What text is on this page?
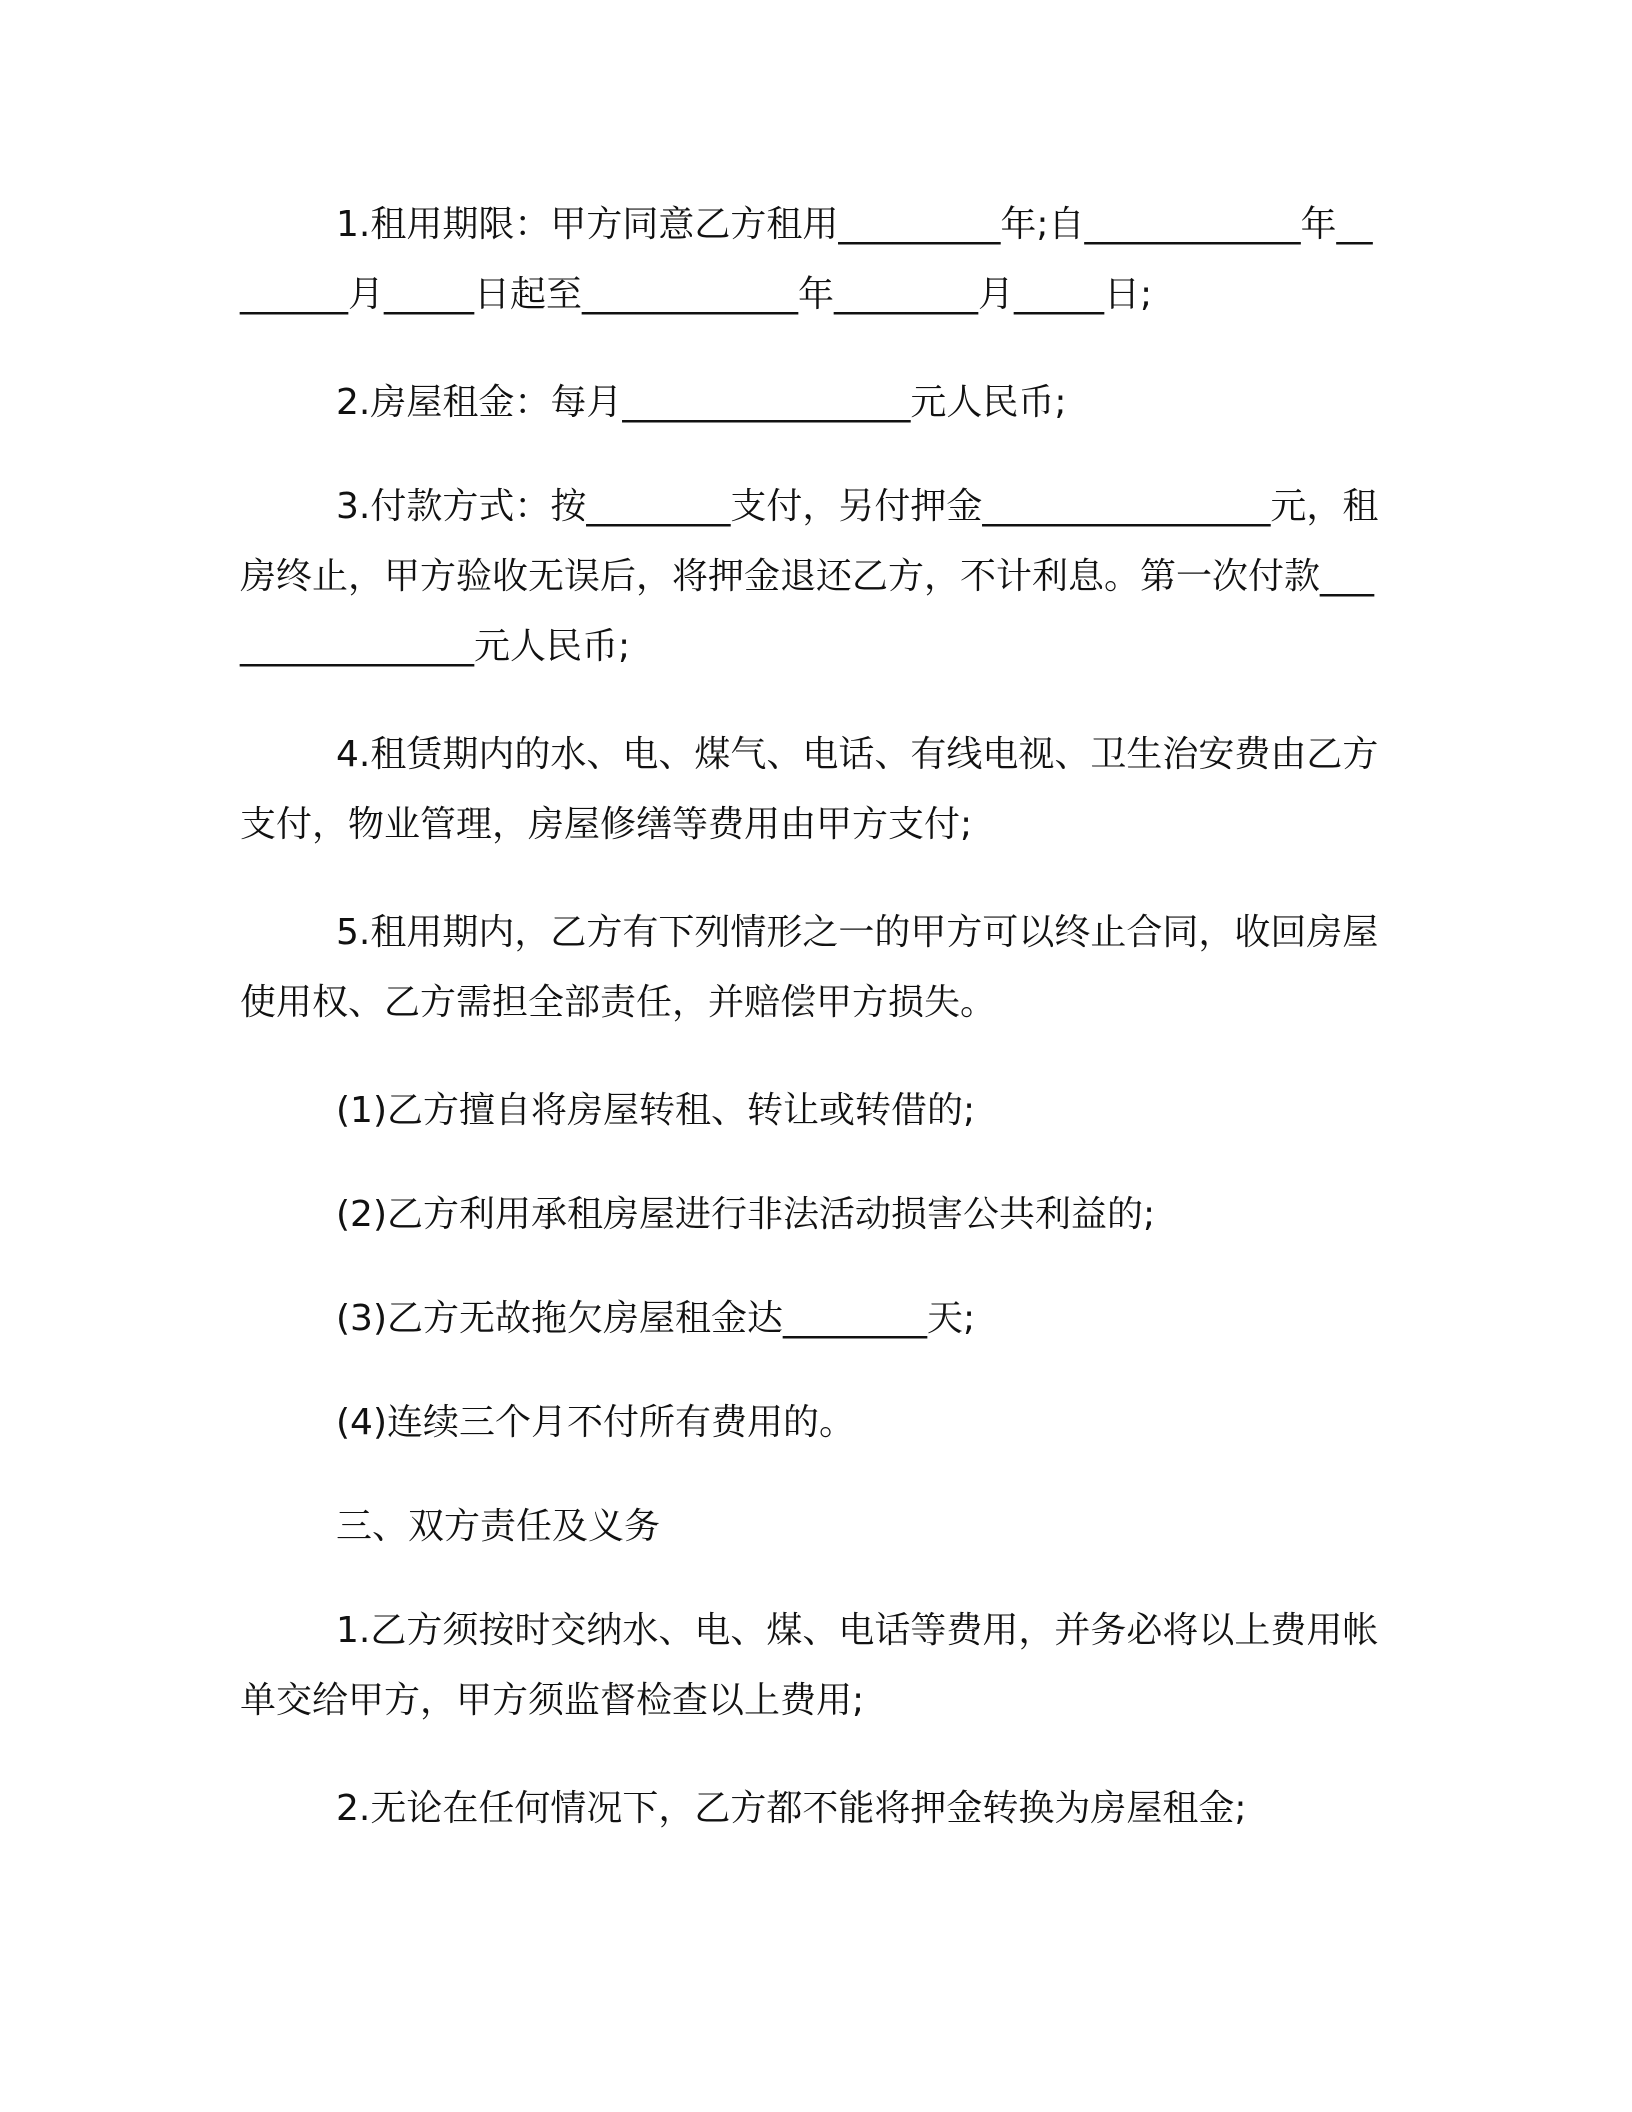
1.租用期限：甲方同意乙方租用_________年;自____________年________月_____日起至____________年________月_____日;

2.房屋租金：每月________________元人民币;

3.付款方式：按________支付，另付押金________________元，租房终止，甲方验收无误后，将押金退还乙方，不计利息。第一次付款________________元人民币;

4.租赁期内的水、电、煤气、电话、有线电视、卫生治安费由乙方支付，物业管理，房屋修缮等费用由甲方支付;

5.租用期内，乙方有下列情形之一的甲方可以终止合同，收回房屋使用权、乙方需担全部责任，并赔偿甲方损失。

(1)乙方擅自将房屋转租、转让或转借的;

(2)乙方利用承租房屋进行非法活动损害公共利益的;

(3)乙方无故拖欠房屋租金达________天;

(4)连续三个月不付所有费用的。

三、双方责任及义务

1.乙方须按时交纳水、电、煤、电话等费用，并务必将以上费用帐单交给甲方，甲方须监督检查以上费用;

2.无论在任何情况下，乙方都不能将押金转换为房屋租金;
